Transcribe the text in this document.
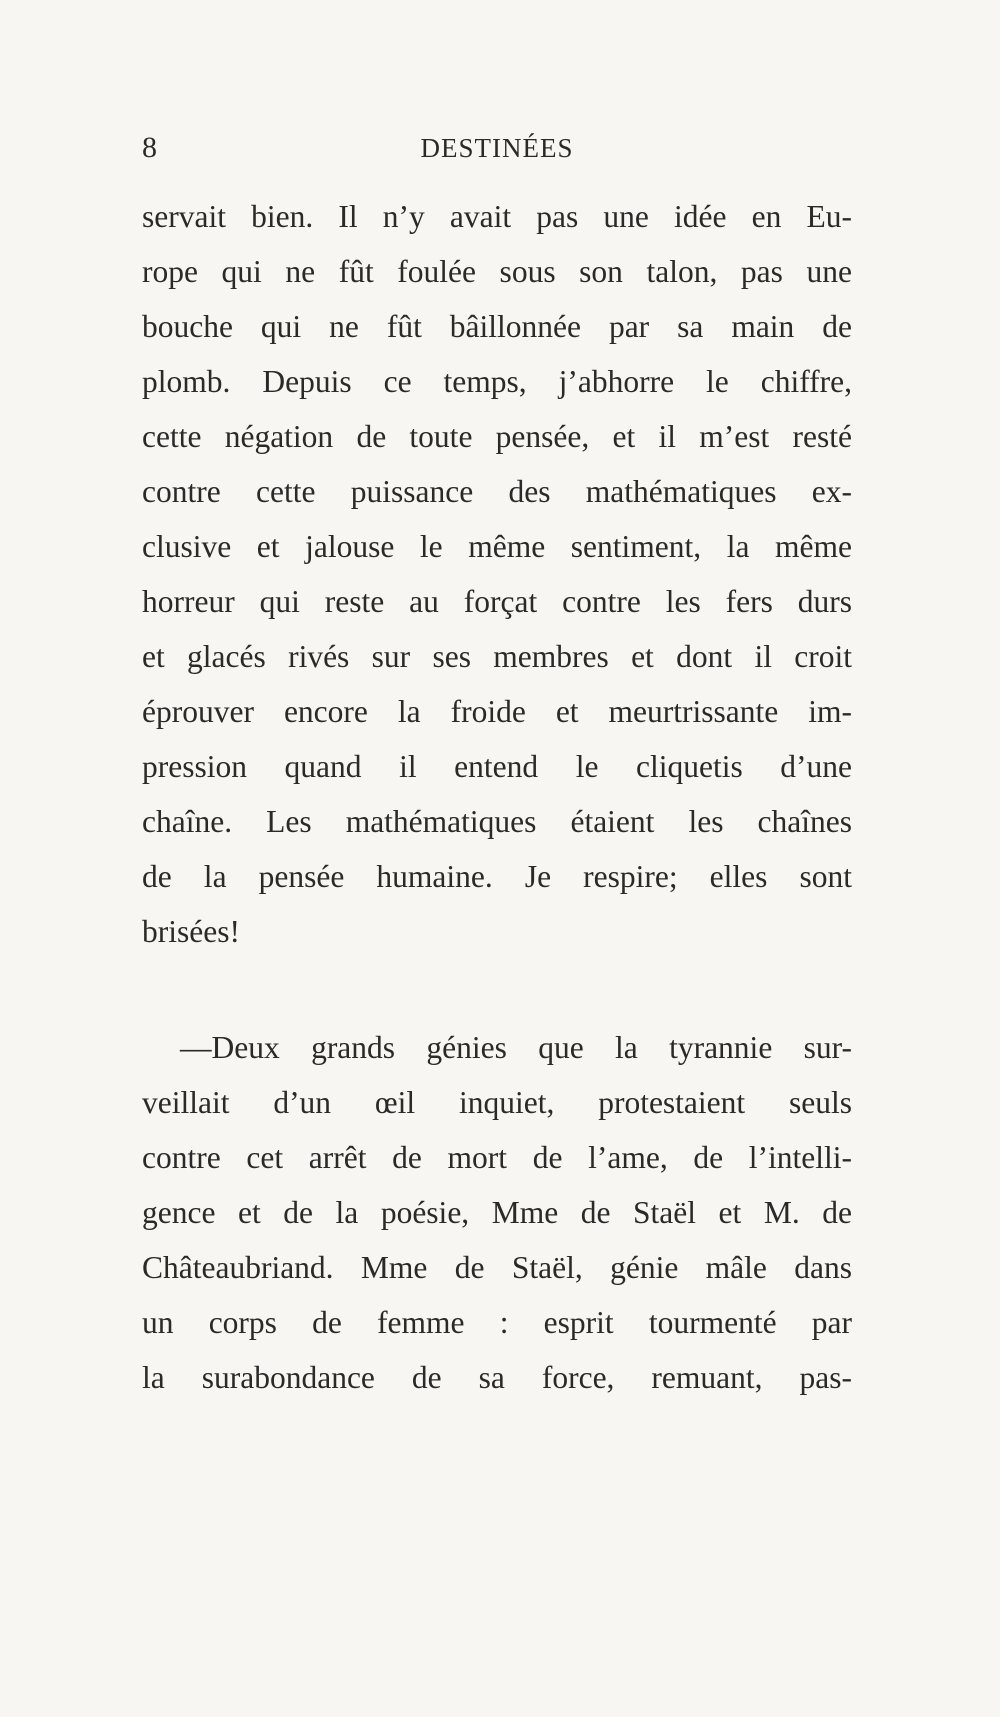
8	DESTINÉES
servait bien. Il n’y avait pas une idée en Eu-
rope qui ne fût foulée sous son talon, pas une
bouche qui ne fût bâillonnée par sa main de
plomb. Depuis ce temps, j’abhorre le chiffre,
cette négation de toute pensée, et il m’est resté
contre cette puissance des mathématiques ex-
clusive et jalouse le même sentiment, la même
horreur qui reste au forçat contre les fers durs
et glacés rivés sur ses membres et dont il croit
éprouver encore la froide et meurtrissante im-
pression quand il entend le cliquetis d’une
chaîne. Les mathématiques étaient les chaînes
de la pensée humaine. Je respire; elles sont
brisées!
—Deux grands génies que la tyrannie sur-
veillait d’un œil inquiet, protestaient seuls
contre cet arrêt de mort de l’ame, de l’intelli-
gence et de la poésie, Mme de Staël et M. de
Châteaubriand. Mme de Staël, génie mâle dans
un corps de femme : esprit tourmenté par
la surabondance de sa force, remuant, pas-
